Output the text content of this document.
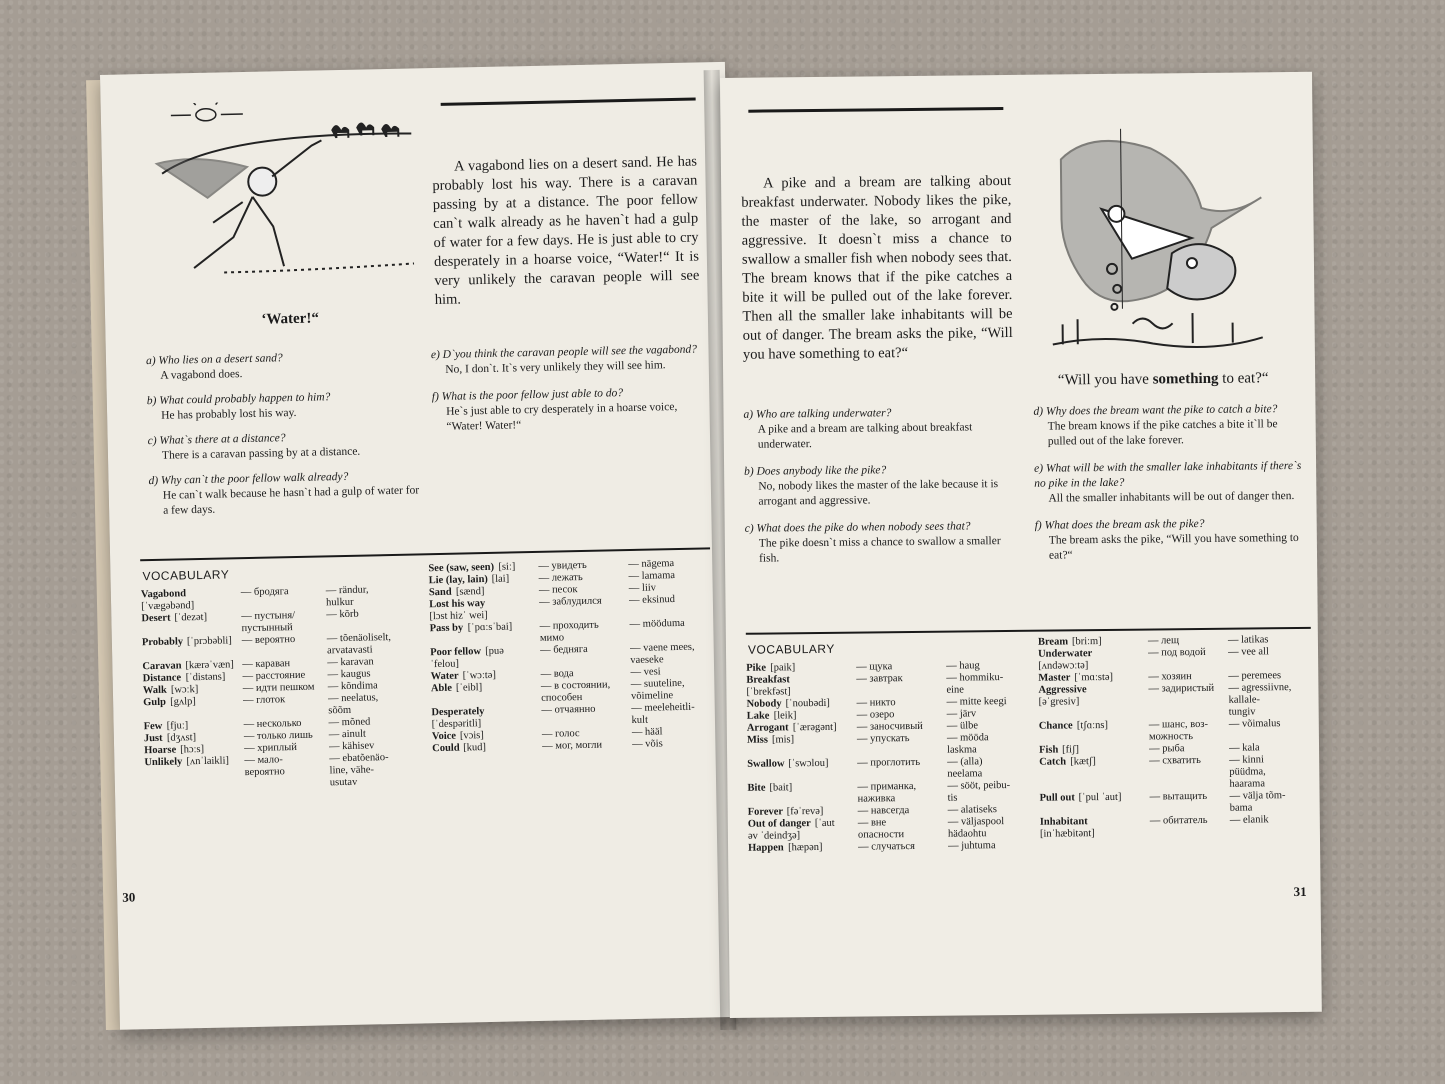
‘Water!“
A vagabond lies on a desert sand. He has probably lost his way. There is a caravan passing by at a distance. The poor fellow can`t walk already as he haven`t had a gulp of water for a few days. He is just able to cry desperately in a hoarse voice, “Water!“ It is very unlikely the caravan people will see him.
a) Who lies on a desert sand?
A vagabond does.
b) What could probably happen to him?
He has probably lost his way.
c) What`s there at a distance?
There is a caravan passing by at a distance.
d) Why can`t the poor fellow walk already?
He can`t walk because he hasn`t had a gulp of water for a few days.
e) D`you think the caravan people will see the vagabond?
No, I don`t. It`s very unlikely they will see him.
f) What is the poor fellow just able to do?
He`s just able to cry desperately in a hoarse voice, “Water! Water!“
VOCABULARY
Vagabond	— бродяга	— rändur,
[ˈvægəbənd]	hulkur
Desert [ˈdezət]	— пустыня/	— kõrb
пустынный
Probably [ˈprɔbəbli] — вероятно	— tõenäoliselt,
arvatavasti
Caravan [kærəˈvæn] — караван	— karavan
Distance [ˈdistəns] — расстояние — kaugus
Walk [wɔːk]	— идти пешком — kõndima
Gulp [gʌlp]	— глоток	— neelatus,
sõõm
Few [fjuː]	— несколько	— mõned
Just [dʒʌst]	— только лишь — ainult
Hoarse [hɔːs]	— хриплый	— kähisev
Unlikely [ʌnˈlaikli] — мало-	— ebatõenäo-
вероятно	line, vähe-
usutav
See (saw, seen) [siː] — увидеть	— nägema
Lie (lay, lain) [lai]	— лежать	— lamama
Sand [sænd]	— песок	— liiv
Lost his way	— заблудился	— eksinud
[lɔst hizˈ wei]
Pass by [ˈpɑːsˈbai]	— проходить	— mööduma
мимо
Poor fellow [puə	— бедняга	— vaene mees,
ˈfelou]	vaeseke
Water [ˈwɔːtə]	— вода	— vesi
Able [ˈeibl]	— в состоянии, — suuteline,
способен	võimeline
Desperately	— отчаянно	— meeleheitli-
[ˈdespəritli]	kult
Voice [vɔis]	— голос	— hääl
Could [kud]	— мог, могли	— võis
30
A pike and a bream are talking about breakfast underwater. Nobody likes the pike, the master of the lake, so arrogant and aggressive. It doesn`t miss a chance to swallow a smaller fish when nobody sees that. The bream knows that if the pike catches a bite it will be pulled out of the lake forever. Then all the smaller lake inhabitants will be out of danger. The bream asks the pike, “Will you have something to eat?“
“Will you have something to eat?“
a) Who are talking underwater?
A pike and a bream are talking about breakfast underwater.
b) Does anybody like the pike?
No, nobody likes the master of the lake because it is arrogant and aggressive.
c) What does the pike do when nobody sees that?
The pike doesn`t miss a chance to swallow a smaller fish.
d) Why does the bream want the pike to catch a bite?
The bream knows if the pike catches a bite it`ll be pulled out of the lake forever.
e) What will be with the smaller lake inhabitants if there`s no pike in the lake?
All the smaller inhabitants will be out of danger then.
f) What does the bream ask the pike?
The bream asks the pike, “Will you have something to eat?“
VOCABULARY
Pike [paik]	— щука	— haug
Breakfast	— завтрак	— hommiku-
[ˈbrekfəst]	eine
Nobody [ˈnoubədi]	— никто	— mitte keegi
Lake [leik]	— озеро	— järv
Arrogant [ˈærəgənt] — заносчивый — ülbe
Miss [mis]	— упускать	— mööda
laskma
Swallow [ˈswɔlou]	— проглотить	— (alla)
neelama
Bite [bait]	— приманка,	— sööt, peibu-
наживка	tis
Forever [fəˈrevə]	— навсегда	— alatiseks
Out of danger [ˈaut — вне	— väljaspool
əv ˈdeindʒə]	опасности	hädaohtu
Happen [hæpən]	— случаться	— juhtuma
Bream [briːm]	— лещ	— latikas
Underwater	— под водой — vee all
[ʌndəwɔːtə]
Master [ˈmɑːstə]	— хозяин	— peremees
Aggressive	— задиристый — agressiivne,
[əˈgresiv]	kallale-
tungiv
Chance [tʃɑːns]	— шанс, воз- — võimalus
можность
Fish [fiʃ]	— рыба	— kala
Catch [kætʃ]	— схватить	— kinni
püüdma,
haarama
Pull out [ˈpul ˈaut]	— вытащить — välja tõm-
bama
Inhabitant	— обитатель — elanik
[inˈhæbitənt]
31
